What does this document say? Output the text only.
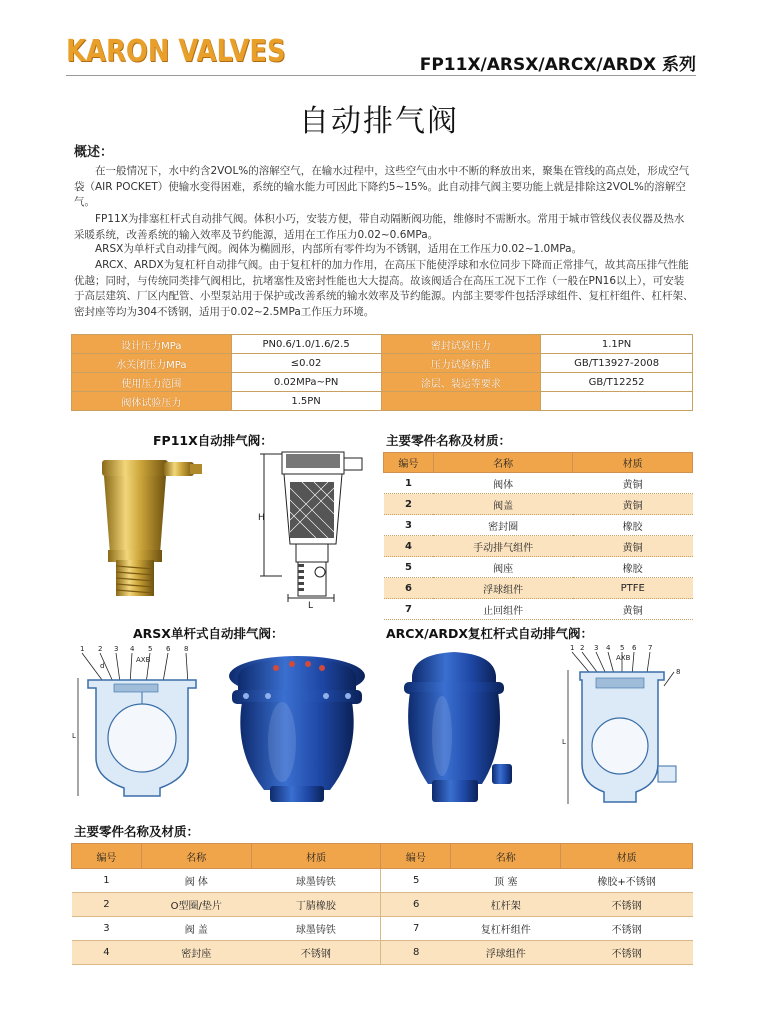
KARON VALVES	FP11X/ARSX/ARCX/ARDX 系列
自动排气阀
概述：

在一般情况下，水中约含2VOL%的溶解空气，在输水过程中，这些空气由水中不断的释放出来，聚集在管线的高点处，形成空气袋（AIR POCKET）使输水变得困难，系统的输水能力可因此下降约5~15%。此自动排气阀主要功能上就是排除这2VOL%的溶解空气。

FP11X为排塞杠杆式自动排气阀。体积小巧，安装方便，带自动隔断阀功能，维修时不需断水。常用于城市管线仪表仪器及热水采暖系统，改善系统的输入效率及节约能源，适用在工作压力0.02~0.6MPa。

ARSX为单杆式自动排气阀。阀体为椭圆形，内部所有零件均为不锈钢，适用在工作压力0.02~1.0MPa。

ARCX、ARDX为复杠杆自动排气阀。由于复杠杆的加力作用，在高压下能使浮球和水位同步下降而正常排气，故其高压排气性能优越；同时，与传统同类排气阀相比，抗堵塞性及密封性能也大大提高。故该阀适合在高压工况下工作（一般在PN16以上），可安装于高层建筑、厂区内配管、小型泵站用于保护或改善系统的输水效率及节约能源。内部主要零件包括浮球组件、复杠杆组件、杠杆架、密封座等均为304不锈钢，适用于0.02~2.5MPa工作压力环境。

设计压力MPa	PN0.6/1.0/1.6/2.5	密封试验压力	1.1PN
水关闭压力MPa	≤0.02	压力试验标准	GB/T13927-2008
使用压力范围	0.02MPa~PN	涂层、装运等要求	GB/T12252
阀体试验压力	1.5PN		
FP11X自动排气阀：
H
L
主要零件名称及材质：
编号	名称	材质
1	阀体	黄铜
2	阀盖	黄铜
3	密封圈	橡胶
4	手动排气组件	黄铜
5	阀座	橡胶
6	浮球组件	PTFE
7	止回组件	黄铜
ARSX单杆式自动排气阀：
1 2 3 4 5 6 8
d
AXB
L
ARCX/ARDX复杠杆式自动排气阀：
1 2 3 4 5 6 7
8
AXB
L
主要零件名称及材质：
编号	名称	材质	编号	名称	材质
1	阀 体	球墨铸铁	5	顶 塞	橡胶+不锈钢
2	O型圈/垫片	丁腈橡胶	6	杠杆架	不锈钢
3	阀 盖	球墨铸铁	7	复杠杆组件	不锈钢
4	密封座	不锈钢	8	浮球组件	不锈钢
